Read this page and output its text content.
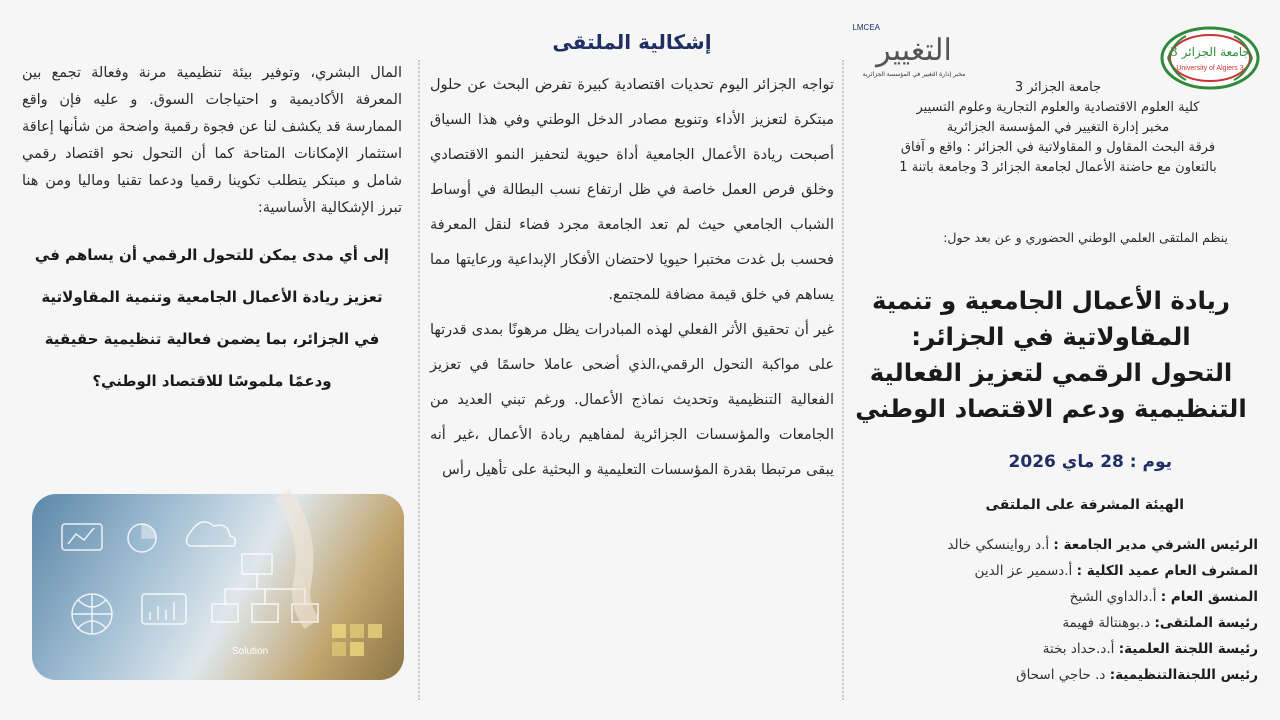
جامعة الجزائر 3
University of Algiers 3
LMCEA
التغيير
مخبر إدارة التغيير في المؤسسة الجزائرية
جامعة الجزائر 3
كلية العلوم الاقتصادية والعلوم التجارية وعلوم التسيير
مخبر إدارة التغيير في المؤسسة الجزائرية
فرقة البحث المقاول و المقاولاتية في الجزائر : واقع و آفاق
بالتعاون مع حاضنة الأعمال لجامعة الجزائر 3 وجامعة باتنة 1
ينظم الملتقى العلمي الوطني الحضوري و عن بعد حول:
ريادة الأعمال الجامعية و تنمية
المقاولاتية في الجزائر:
التحول الرقمي لتعزيز الفعالية
التنظيمية ودعم الاقتصاد الوطني
يوم : 28 ماي 2026
الهيئة المشرفة على الملتقى
الرئيس الشرفي مدير الجامعة : أ.د رواينسكي خالد
المشرف العام عميد الكلية : أ.دسمير عز الدين
المنسق العام : أ.دالداوي الشيخ
رئيسة الملتقى: د.بوهنتالة فهيمة
رئيسة اللجنة العلمية: أ.د.حداد بختة
رئيس اللجنةالتنظيمية: د. حاجي اسحاق
إشكالية الملتقى

تواجه الجزائر اليوم تحديات اقتصادية كبيرة تفرض البحث عن حلول مبتكرة لتعزيز الأداء وتنويع مصادر الدخل الوطني وفي هذا السياق أصبحت ريادة الأعمال الجامعية أداة حيوية لتحفيز النمو الاقتصادي وخلق فرص العمل خاصة في ظل ارتفاع نسب البطالة في أوساط الشباب الجامعي حيث لم تعد الجامعة مجرد فضاء لنقل المعرفة فحسب بل غدت مختبرا حيويا لاحتضان الأفكار الإبداعية ورعايتها مما يساهم في خلق قيمة مضافة للمجتمع.

غير أن تحقيق الأثر الفعلي لهذه المبادرات يظل مرهونًا بمدى قدرتها على مواكبة التحول الرقمي،الذي أضحى عاملا حاسمًا في تعزيز الفعالية التنظيمية وتحديث نماذج الأعمال. ورغم تبني العديد من الجامعات والمؤسسات الجزائرية لمفاهيم ريادة الأعمال ،غير أنه يبقى مرتبطا بقدرة المؤسسات التعليمية و البحثية على تأهيل رأس

المال البشري، وتوفير بيئة تنظيمية مرنة وفعالة تجمع بين المعرفة الأكاديمية و احتياجات السوق. و عليه فإن واقع الممارسة قد يكشف لنا عن فجوة رقمية واضحة من شأنها إعاقة استثمار الإمكانات المتاحة كما أن التحول نحو اقتصاد رقمي شامل و مبتكر يتطلب تكوينا رقميا ودعما تقنيا وماليا ومن هنا تبرز الإشكالية الأساسية:

إلى أي مدى يمكن للتحول الرقمي أن يساهم في
تعزيز ريادة الأعمال الجامعية وتنمية المقاولاتية
في الجزائر، بما يضمن فعالية تنظيمية حقيقية
ودعمًا ملموسًا للاقتصاد الوطني؟
Solution
